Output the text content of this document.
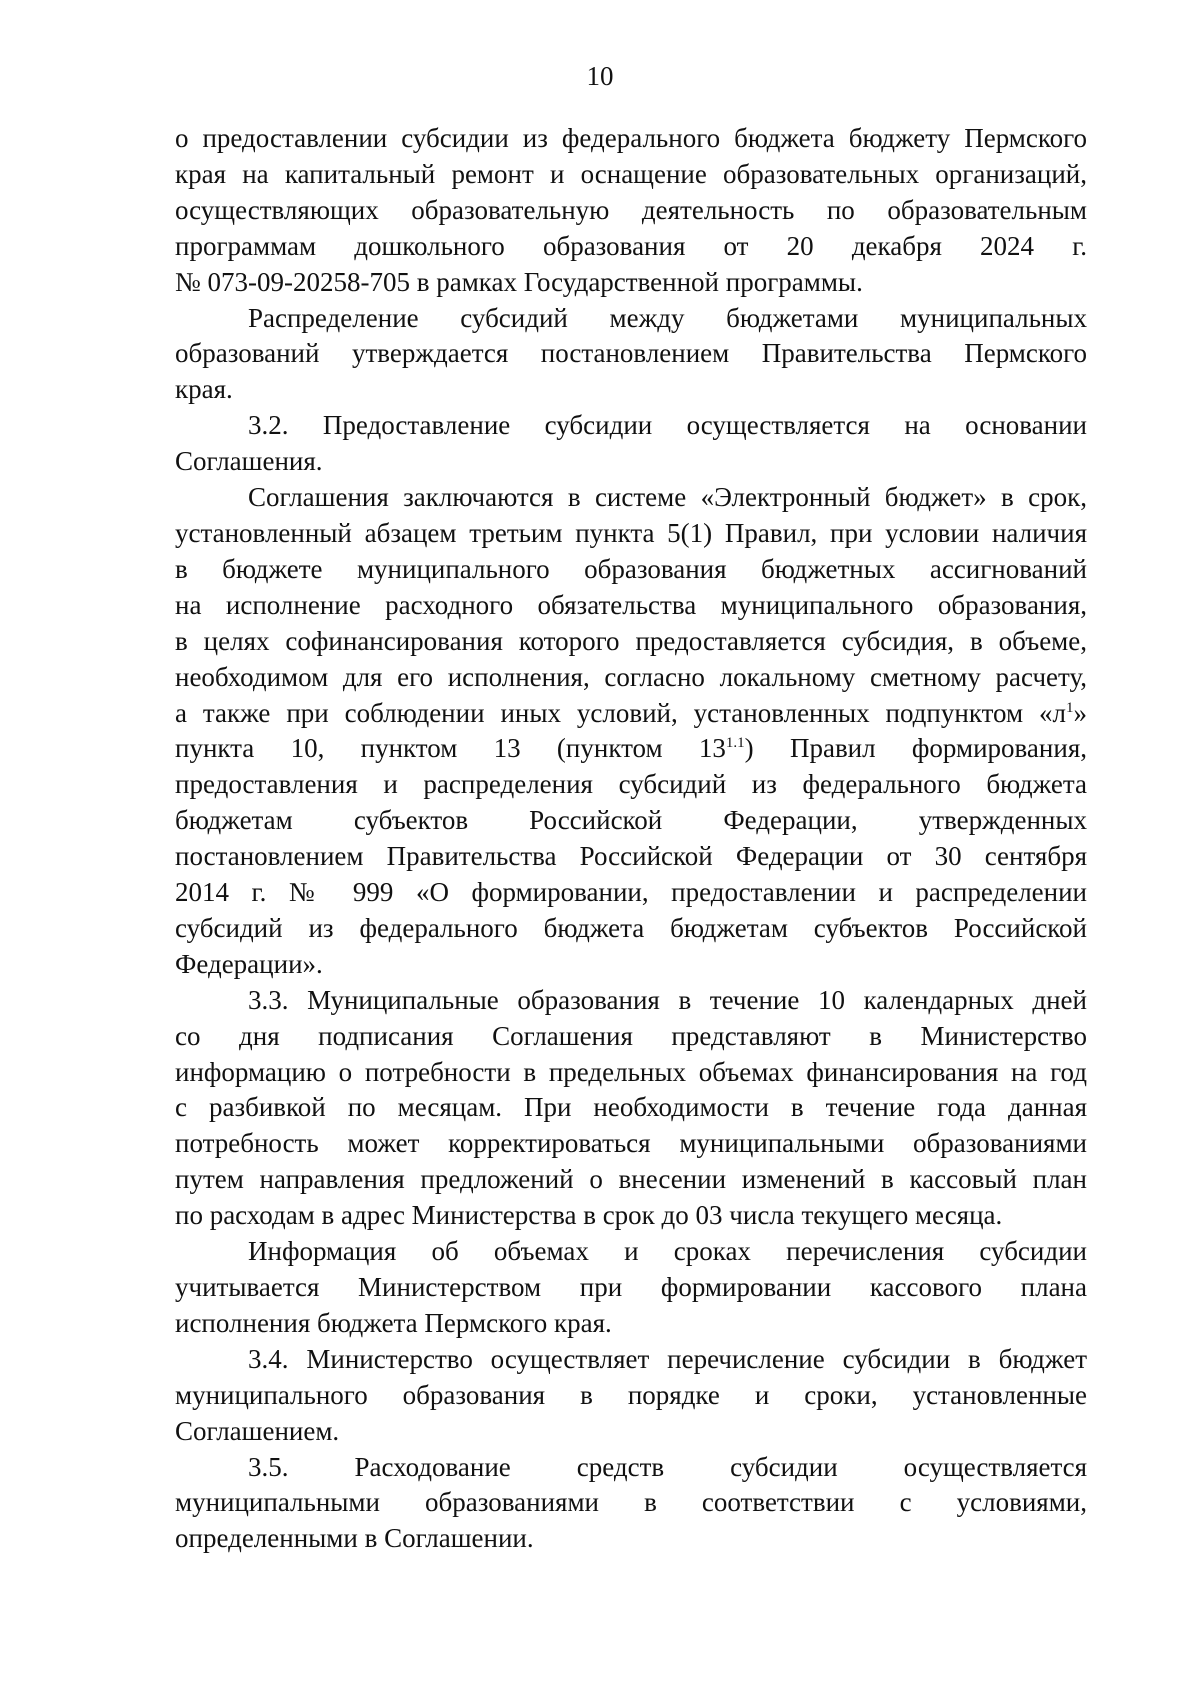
10
о предоставлении субсидии из федерального бюджета бюджету Пермского
края на капитальный ремонт и оснащение образовательных организаций,
осуществляющих образовательную деятельность по образовательным
программам дошкольного образования от 20 декабря 2024 г.
№ 073-09-20258-705 в рамках Государственной программы.
Распределение субсидий между бюджетами муниципальных
образований утверждается постановлением Правительства Пермского
края.
3.2. Предоставление субсидии осуществляется на основании
Соглашения.
Соглашения заключаются в системе «Электронный бюджет» в срок,
установленный абзацем третьим пункта 5(1) Правил, при условии наличия
в бюджете муниципального образования бюджетных ассигнований
на исполнение расходного обязательства муниципального образования,
в целях софинансирования которого предоставляется субсидия, в объеме,
необходимом для его исполнения, согласно локальному сметному расчету,
а также при соблюдении иных условий, установленных подпунктом «$л^1$»
пункта 10, пунктом 13 (пунктом $13^{1.1}$) Правил формирования,
предоставления и распределения субсидий из федерального бюджета
бюджетам субъектов Российской Федерации, утвержденных
постановлением Правительства Российской Федерации от 30 сентября
2014 г. № 999 «О формировании, предоставлении и распределении
субсидий из федерального бюджета бюджетам субъектов Российской
Федерации».
3.3. Муниципальные образования в течение 10 календарных дней
со дня подписания Соглашения представляют в Министерство
информацию о потребности в предельных объемах финансирования на год
с разбивкой по месяцам. При необходимости в течение года данная
потребность может корректироваться муниципальными образованиями
путем направления предложений о внесении изменений в кассовый план
по расходам в адрес Министерства в срок до 03 числа текущего месяца.
Информация об объемах и сроках перечисления субсидии
учитывается Министерством при формировании кассового плана
исполнения бюджета Пермского края.
3.4. Министерство осуществляет перечисление субсидии в бюджет
муниципального образования в порядке и сроки, установленные
Соглашением.
3.5. Расходование средств субсидии осуществляется
муниципальными образованиями в соответствии с условиями,
определенными в Соглашении.
